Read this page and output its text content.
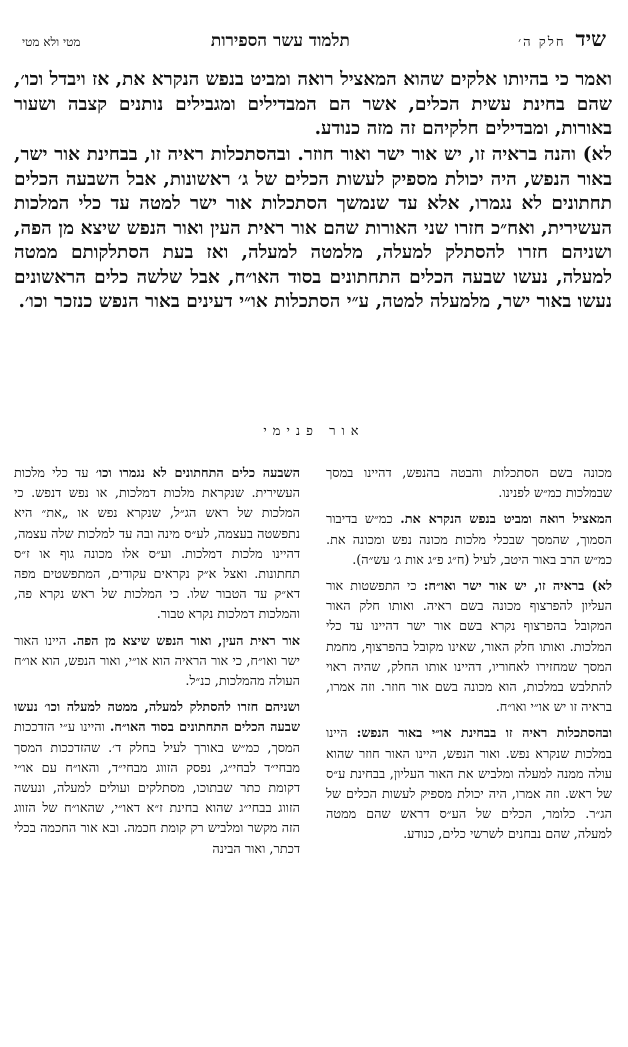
שיד
חלק ה׳
תלמוד עשר הספירות
מטי ולא מטי

ואמר כי בהיותו אלקים שהוא המאציל רואה ומביט בנפש הנקרא את, אז ויבדל וכו׳, שהם בחינת עשית הכלים, אשר הם המבדילים ומגבילים נותנים קצבה ושעור באורות, ומבדילים חלקיהם זה מזה כנודע.

לא) והנה בראיה זו, יש אור ישר ואור חוזר. ובהסתכלות ראיה זו, בבחינת אור ישר, באור הנפש, היה יכולת מספיק לעשות הכלים של ג׳ ראשונות, אבל השבעה הכלים תחתונים לא נגמרו, אלא עד שנמשך הסתכלות אור ישר למטה עד כלי המלכות העשירית, ואח״כ חזרו שני האורות שהם אור ראית העין ואור הנפש שיצא מן הפה, ושניהם חזרו להסתלק למעלה, מלמטה למעלה, ואז בעת הסתלקותם ממטה למעלה, נעשו שבעה הכלים התחתונים בסוד האו״ח, אבל שלשה כלים הראשונים נעשו באור ישר, מלמעלה למטה, ע״י הסתכלות או״י דעינים באור הנפש כנזכר וכו׳.

אור פנימי

מכונה בשם הסתכלות והבטה בהנפש, דהיינו במסך שבמלכות כמ״ש לפנינו.

המאציל רואה ומביט בנפש הנקרא את. כמ״ש בדיבור הסמוך, שהמסך שבכלי מלכות מכונה נפש ומכונה את. כמ״ש הרב באור היטב, לעיל (ח״ג פ״ג אות ג׳ עש״ה).

לא) בראיה זו, יש אור ישר ואו״ח: כי התפשטות אור העליון להפרצוף מכונה בשם ראיה. ואותו חלק האור המקובל בהפרצוף נקרא בשם אור ישר דהיינו עד כלי המלכות. ואותו חלק האור, שאינו מקובל בהפרצוף, מחמת המסך שמחזירו לאחוריו, דהיינו אותו החלק, שהיה ראוי להתלבש במלכות, הוא מכונה בשם אור חוזר. וזה אמרו, בראיה זו יש או״י ואו״ח.

ובהסתכלות ראיה זו בבחינת או״י באור הנפש: היינו במלכות שנקרא נפש. ואור הנפש, היינו האור חוזר שהוא עולה ממנה למעלה ומלביש את האור העליון, בבחינת ע״ס של ראש. וזה אמרו, היה יכולת מספיק לעשות הכלים של הג״ר. כלומר, הכלים של הע״ס דראש שהם ממטה למעלה, שהם נבחנים לשרשי כלים, כנודע.

השבעה כלים התחתונים לא נגמרו וכו׳ עד כלי מלכות העשירית. שנקראת מלכות דמלכות, או נפש דנפש. כי המלכות של ראש הג״ל, שנקרא נפש או „את״ היא נתפשטה בעצמה, לע״ס מינה ובה עד למלכות שלה עצמה, דהיינו מלכות דמלכות. וע״ס אלו מכונה גוף או ז״ס תחתונות. ואצל א״ק נקראים עקודים, המתפשטים מפה דא״ק עד הטבור שלו. כי המלכות של ראש נקרא פה, והמלכות דמלכות נקרא טבור.

אור ראית העין, ואור הנפש שיצא מן הפה. היינו האור ישר ואו״ח, כי אור הראיה הוא או״י, ואור הנפש, הוא או״ח העולה מהמלכות, כנ״ל.

ושניהם חזרו להסתלק למעלה, ממטה למעלה וכו׳ נעשו שבעה הכלים התחתונים בסוד האו״ח. והיינו ע״י הזדככות המסך, כמ״ש באורך לעיל בחלק ד׳. שהזדככות המסך מבחי״ד לבחי״ג, נפסק הזווג מבחי״ד, והאו״ח עם או״י דקומת כתר שבתוכו, מסתלקים ועולים למעלה, ונעשה הזווג בבחי״ג שהוא בחינת ז״א דאו״י, שהאו״ח של הזווג הזה מקשר ומלביש רק קומת חכמה. ובא אור החכמה בכלי דכתר, ואור הבינה
